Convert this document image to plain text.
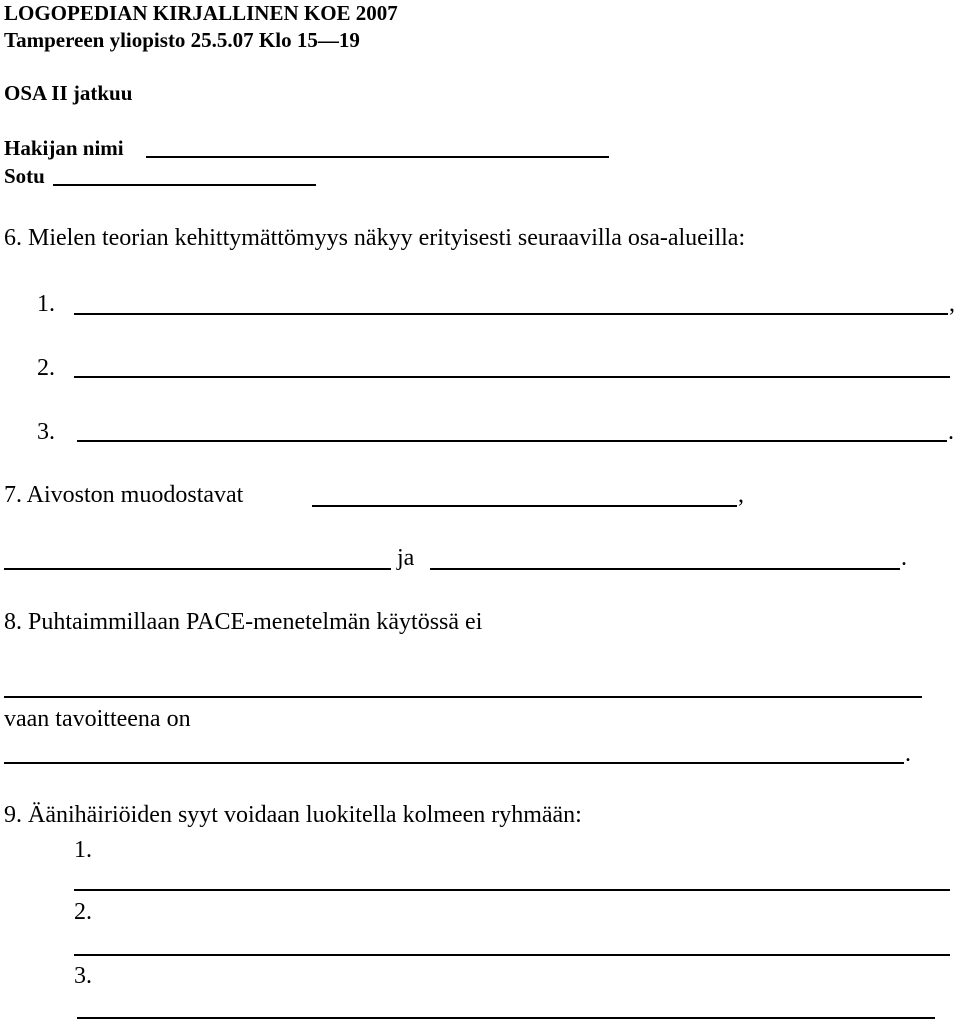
LOGOPEDIAN KIRJALLINEN KOE 2007
Tampereen yliopisto 25.5.07 Klo 15—19
OSA II jatkuu
Hakijan nimi
Sotu
6. Mielen teorian kehittymättömyys näkyy erityisesti seuraavilla osa-alueilla:
1.	,
2.
3.	.
7. Aivoston muodostavat	,
ja	.
8. Puhtaimmillaan PACE-menetelmän käytössä ei
vaan tavoitteena on
.
9. Äänihäiriöiden syyt voidaan luokitella kolmeen ryhmään:
1.
2.
3.
